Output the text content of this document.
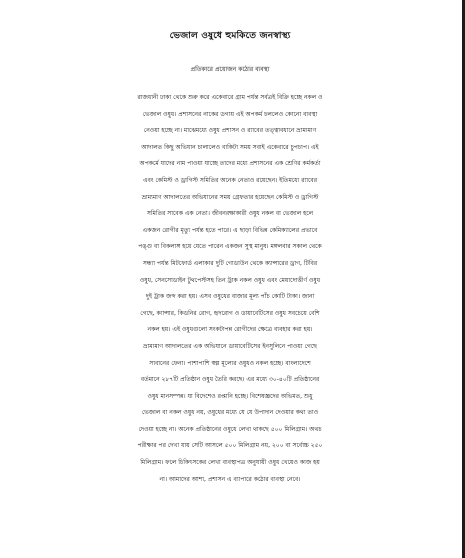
ভেজাল ওষুধে হুমকিতে জনস্বাস্থ্য
প্রতিকারে প্রয়োজন কঠোর ব্যবস্থা
রাজধানী ঢাকা থেকে শুরু করে একেবারে গ্রাম পর্যন্ত সর্বত্রই বিক্রি হচ্ছে নকল ও
ভেজাল ওষুধ। প্রশাসনের নাকের ডগায় এই অপকর্ম চললেও কোনো ব্যবস্থা
নেওয়া হচ্ছে না। মাঝেমধ্যে ওষুধ প্রশাসন ও র‍্যাবের তত্ত্বাবধানে ভ্রাম্যমাণ
আদালত কিছু অভিযান চালালেও বাকিটা সময় সবাই একেবারে চুপচাপ। এই
অপকর্মে যাদের নাম পাওয়া যাচ্ছে তাদের মধ্যে প্রশাসনের এক শ্রেণির কর্মকর্তা
এবং কেমিস্ট ও ড্রাগিস্ট সমিতির অনেক নেতাও রয়েছেন। ইতিমধ্যে র‍্যাবের
ভ্রাম্যমাণ আদালতের অভিযানের সময় গ্রেফতার হয়েছেন কেমিস্ট ও ড্রাগিস্ট
সমিতির সাবেক এক নেতা। জীবনরক্ষাকারী ওষুধ নকল বা ভেজাল হলে
একজন রোগীর মৃত্যু পর্যন্ত হতে পারে। এ ছাড়া বিভিন্ন কেমিক্যালের প্রভাবে
পঙ্গু বা বিকলাঙ্গ হয়ে যেতে পারেন একজন সুস্থ মানুষ। মঙ্গলবার সকাল থেকে
সন্ধ্যা পর্যন্ত মিটফোর্ড এলাকার দুটি গোডাউন থেকে ক্যান্সারের ড্রাগ, টিবির
ওষুধ, সেনসোডাইন টুথপেস্টসহ তিন ট্রাক নকল ওষুধ এবং মেয়াদোত্তীর্ণ ওষুধ
দুই ট্রাক জব্দ করা হয়। এসব ওষুধের বাজার মূল্য পাঁচ কোটি টাকা। জানা
গেছে, ক্যান্সার, কিডনির রোগ, হৃদরোগ ও ডায়াবেটিসের ওষুধ সবচেয়ে বেশি
নকল হয়। এই ওষুধগুলো সংকটাপন্ন রোগীদের ক্ষেত্রে ব্যবহার করা হয়।
ভ্রাম্যমাণ আদালতের এক অভিযানে ডায়াবেটিসের ইনসুলিনে পাওয়া গেছে
সাবানের ফেনা। পাশাপাশি স্বল্প মূল্যের ওষুধও নকল হচ্ছে। বাংলাদেশে
বর্তমানে ২৮৭টি প্রতিষ্ঠান ওষুধ তৈরি করছে। এর মধ্যে ৩০-৪০টি প্রতিষ্ঠানের
ওষুধ মানসম্পন্ন। যা বিদেশেও রপ্তানি হচ্ছে। বিশেষজ্ঞদের অভিমত, শুধু
ভেজাল বা নকল ওষুধ নয়, ওষুধের মধ্যে যে যে উপাদান দেওয়ার কথা তাও
দেওয়া হচ্ছে না। অনেক প্রতিষ্ঠানের ওষুধে লেখা থাকছে ৫০০ মিলিগ্রাম। অথচ
পরীক্ষার পর দেখা যায় সেটি আসলে ৫০০ মিলিগ্রাম নয়, ২০০ বা সর্বোচ্চ ২৫০
মিলিগ্রাম। ফলে চিকিৎসকের লেখা ব্যবস্থাপত্র অনুযায়ী ওষুধ খেয়েও কাজ হয়
না। আমাদের আশা, প্রশাসন এ ব্যাপারে কঠোর ব্যবস্থা নেবে।
